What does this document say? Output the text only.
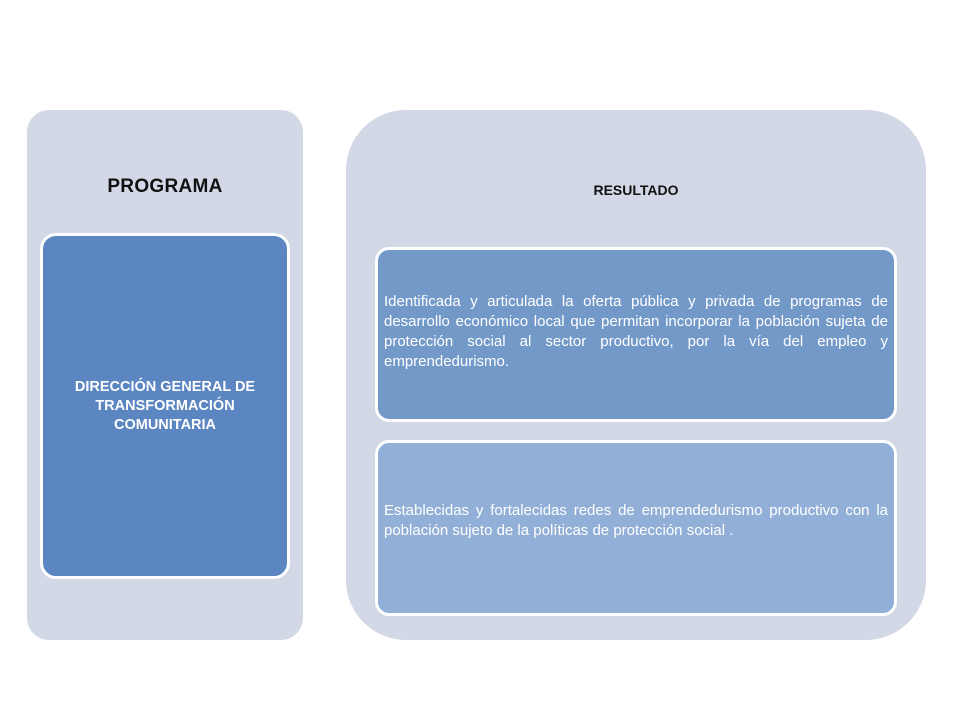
PROGRAMA
DIRECCIÓN GENERAL DE TRANSFORMACIÓN COMUNITARIA
RESULTADO
Identificada y articulada la oferta pública y privada de programas de desarrollo económico local que permitan incorporar la población sujeta de protección social al sector productivo, por la vía del empleo y emprendedurismo.
Establecidas y fortalecidas redes de emprendedurismo productivo con la población sujeto de la políticas de protección social .
